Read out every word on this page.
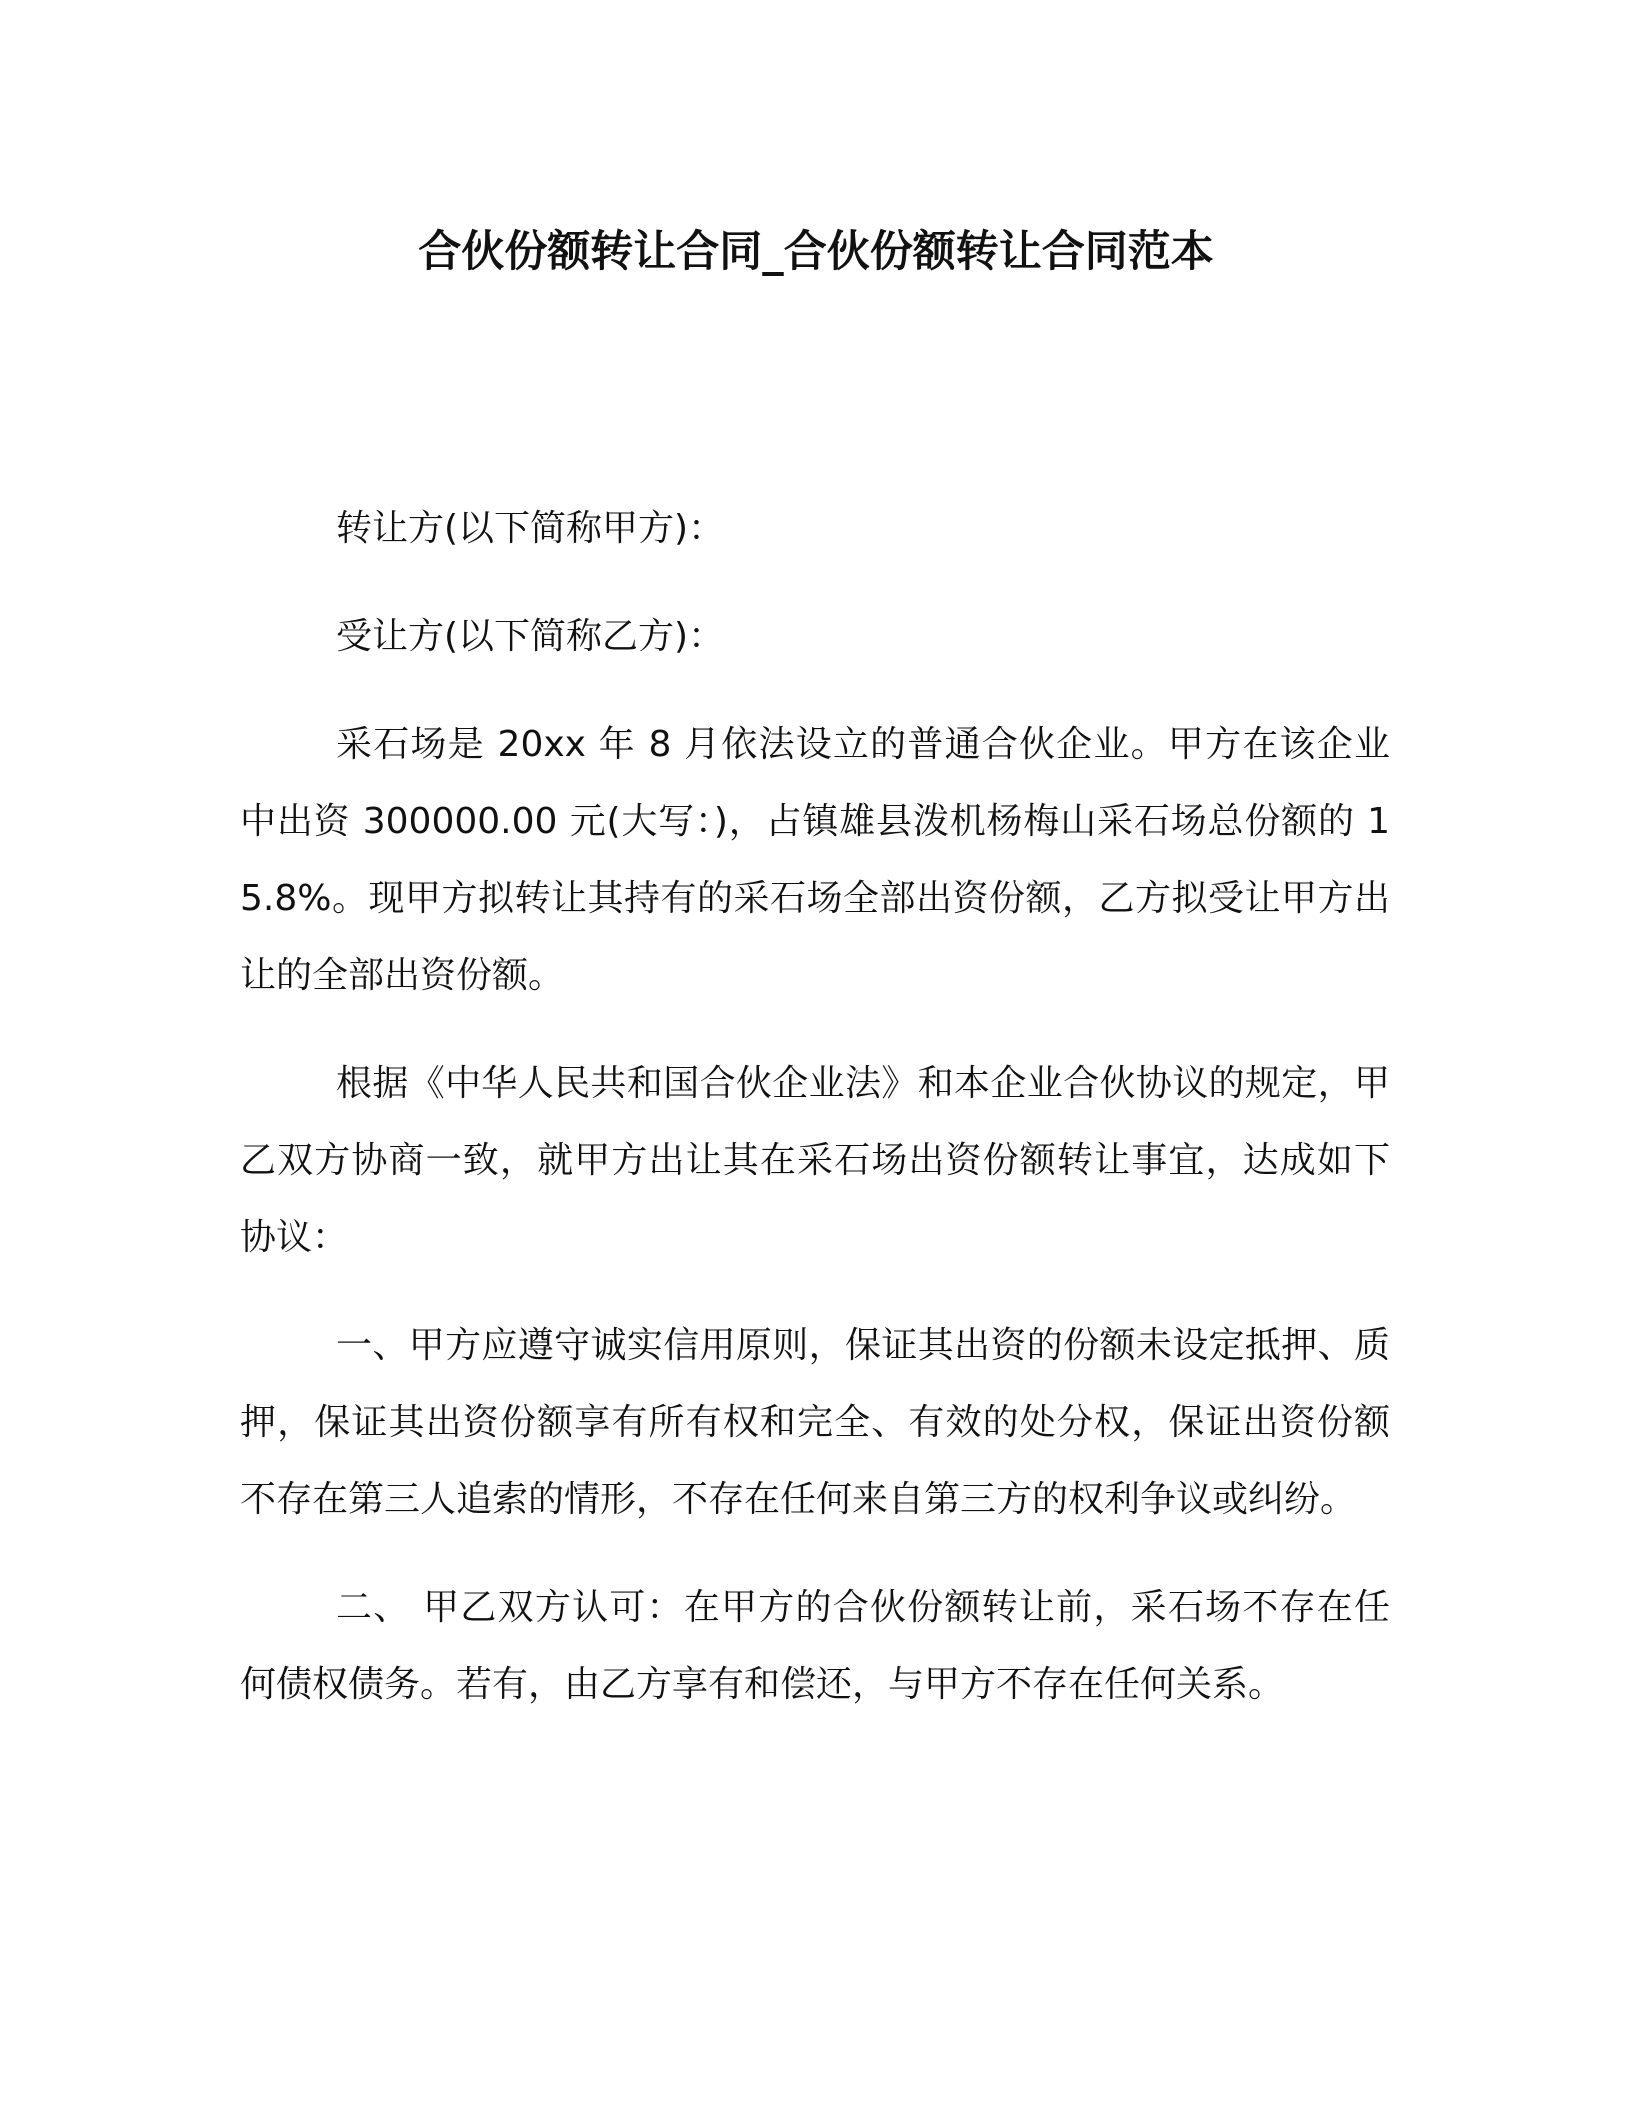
合伙份额转让合同_合伙份额转让合同范本

转让方(以下简称甲方)：

受让方(以下简称乙方)：

采石场是 20xx 年 8 月依法设立的普通合伙企业。甲方在该企业中出资 300000.00 元(大写：)，占镇雄县泼机杨梅山采石场总份额的 15.8%。现甲方拟转让其持有的采石场全部出资份额，乙方拟受让甲方出让的全部出资份额。

根据《中华人民共和国合伙企业法》和本企业合伙协议的规定，甲乙双方协商一致，就甲方出让其在采石场出资份额转让事宜，达成如下协议：

一、甲方应遵守诚实信用原则，保证其出资的份额未设定抵押、质押，保证其出资份额享有所有权和完全、有效的处分权，保证出资份额不存在第三人追索的情形，不存在任何来自第三方的权利争议或纠纷。

二、 甲乙双方认可：在甲方的合伙份额转让前，采石场不存在任何债权债务。若有，由乙方享有和偿还，与甲方不存在任何关系。
